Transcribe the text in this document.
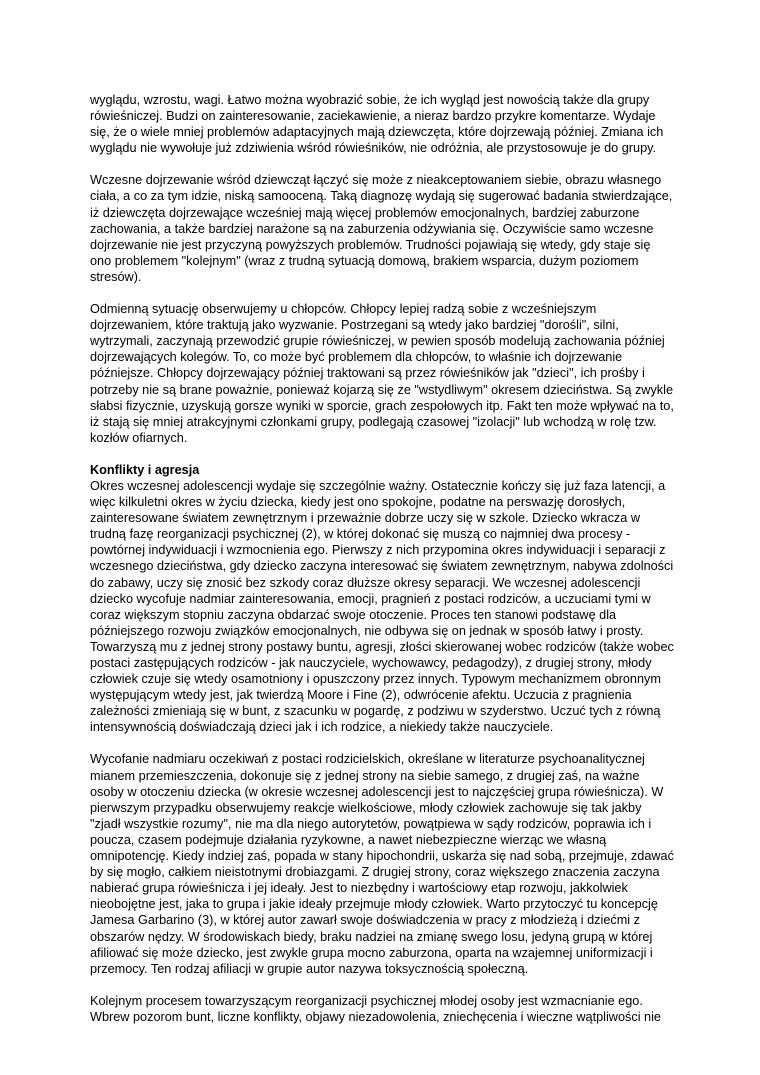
wyglądu, wzrostu, wagi. Łatwo można wyobrazić sobie, że ich wygląd jest nowością także dla grupy rówieśniczej. Budzi on zainteresowanie, zaciekawienie, a nieraz bardzo przykre komentarze. Wydaje się, że o wiele mniej problemów adaptacyjnych mają dziewczęta, które dojrzewają później. Zmiana ich wyglądu nie wywołuje już zdziwienia wśród rówieśników, nie odróżnia, ale przystosowuje je do grupy.

Wczesne dojrzewanie wśród dziewcząt łączyć się może z nieakceptowaniem siebie, obrazu własnego ciała, a co za tym idzie, niską samooceną. Taką diagnozę wydają się sugerować badania stwierdzające, iż dziewczęta dojrzewające wcześniej mają więcej problemów emocjonalnych, bardziej zaburzone zachowania, a także bardziej narażone są na zaburzenia odżywiania się. Oczywiście samo wczesne dojrzewanie nie jest przyczyną powyższych problemów. Trudności pojawiają się wtedy, gdy staje się ono problemem "kolejnym" (wraz z trudną sytuacją domową, brakiem wsparcia, dużym poziomem stresów).

Odmienną sytuację obserwujemy u chłopców. Chłopcy lepiej radzą sobie z wcześniejszym dojrzewaniem, które traktują jako wyzwanie. Postrzegani są wtedy jako bardziej "dorośli", silni, wytrzymali, zaczynają przewodzić grupie rówieśniczej, w pewien sposób modelują zachowania później dojrzewających kolegów. To, co może być problemem dla chłopców, to właśnie ich dojrzewanie późniejsze. Chłopcy dojrzewający później traktowani są przez rówieśników jak "dzieci", ich prośby i potrzeby nie są brane poważnie, ponieważ kojarzą się ze "wstydliwym" okresem dzieciństwa. Są zwykle słabsi fizycznie, uzyskują gorsze wyniki w sporcie, grach zespołowych itp. Fakt ten może wpływać na to, iż stają się mniej atrakcyjnymi członkami grupy, podlegają czasowej "izolacji" lub wchodzą w rolę tzw. kozłów ofiarnych.

Konflikty i agresja

Okres wczesnej adolescencji wydaje się szczególnie ważny. Ostatecznie kończy się już faza latencji, a więc kilkuletni okres w życiu dziecka, kiedy jest ono spokojne, podatne na perswazję dorosłych, zainteresowane światem zewnętrznym i przeważnie dobrze uczy się w szkole. Dziecko wkracza w trudną fazę reorganizacji psychicznej (2), w której dokonać się muszą co najmniej dwa procesy - powtórnej indywiduacji i wzmocnienia ego. Pierwszy z nich przypomina okres indywiduacji i separacji z wczesnego dzieciństwa, gdy dziecko zaczyna interesować się światem zewnętrznym, nabywa zdolności do zabawy, uczy się znosić bez szkody coraz dłuższe okresy separacji. We wczesnej adolescencji dziecko wycofuje nadmiar zainteresowania, emocji, pragnień z postaci rodziców, a uczuciami tymi w coraz większym stopniu zaczyna obdarzać swoje otoczenie. Proces ten stanowi podstawę dla późniejszego rozwoju związków emocjonalnych, nie odbywa się on jednak w sposób łatwy i prosty. Towarzyszą mu z jednej strony postawy buntu, agresji, złości skierowanej wobec rodziców (także wobec postaci zastępujących rodziców - jak nauczyciele, wychowawcy, pedagodzy), z drugiej strony, młody człowiek czuje się wtedy osamotniony i opuszczony przez innych. Typowym mechanizmem obronnym występującym wtedy jest, jak twierdzą Moore i Fine (2), odwrócenie afektu. Uczucia z pragnienia zależności zmieniają się w bunt, z szacunku w pogardę, z podziwu w szyderstwo. Uczuć tych z równą intensywnością doświadczają dzieci jak i ich rodzice, a niekiedy także nauczyciele.

Wycofanie nadmiaru oczekiwań z postaci rodzicielskich, określane w literaturze psychoanalitycznej mianem przemieszczenia, dokonuje się z jednej strony na siebie samego, z drugiej zaś, na ważne osoby w otoczeniu dziecka (w okresie wczesnej adolescencji jest to najczęściej grupa rówieśnicza). W pierwszym przypadku obserwujemy reakcje wielkościowe, młody człowiek zachowuje się tak jakby "zjadł wszystkie rozumy", nie ma dla niego autorytetów, powątpiewa w sądy rodziców, poprawia ich i poucza, czasem podejmuje działania ryzykowne, a nawet niebezpieczne wierząc we własną omnipotencję. Kiedy indziej zaś, popada w stany hipochondrii, uskarża się nad sobą, przejmuje, zdawać by się mogło, całkiem nieistotnymi drobiazgami. Z drugiej strony, coraz większego znaczenia zaczyna nabierać grupa rówieśnicza i jej ideały. Jest to niezbędny i wartościowy etap rozwoju, jakkolwiek nieobojętne jest, jaka to grupa i jakie ideały przejmuje młody człowiek. Warto przytoczyć tu koncepcję Jamesa Garbarino (3), w której autor zawarł swoje doświadczenia w pracy z młodzieżą i dziećmi z obszarów nędzy. W środowiskach biedy, braku nadziei na zmianę swego losu, jedyną grupą w której afiliować się może dziecko, jest zwykle grupa mocno zaburzona, oparta na wzajemnej uniformizacji i przemocy. Ten rodzaj afiliacji w grupie autor nazywa toksycznością społeczną.

Kolejnym procesem towarzyszącym reorganizacji psychicznej młodej osoby jest wzmacnianie ego. Wbrew pozorom bunt, liczne konflikty, objawy niezadowolenia, zniechęcenia i wieczne wątpliwości nie
